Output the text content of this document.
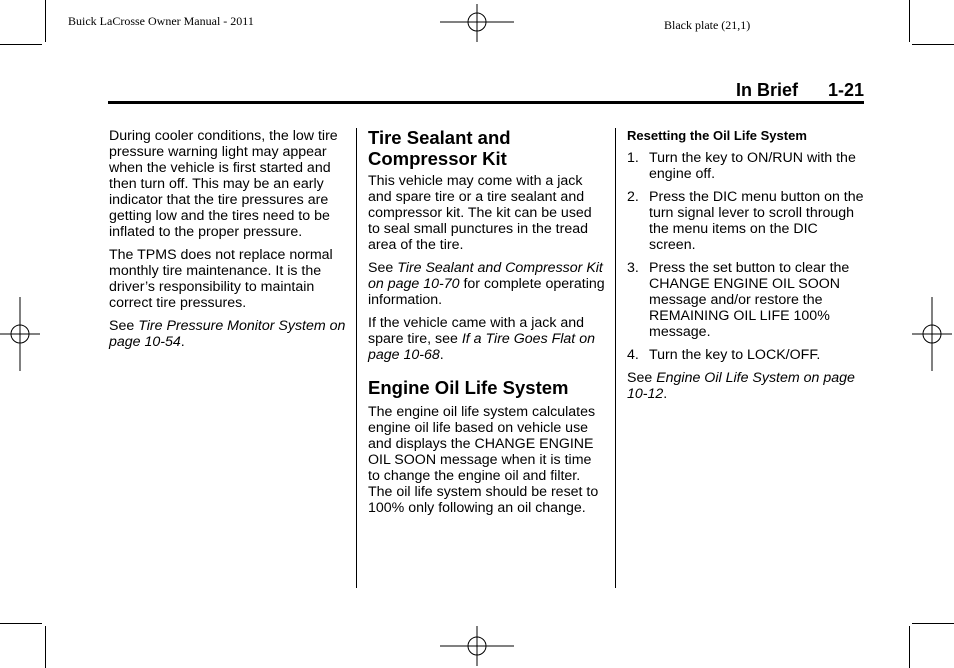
Buick LaCrosse Owner Manual - 2011	Black plate (21,1)
In Brief 1-21

During cooler conditions, the low tire pressure warning light may appear when the vehicle is first started and then turn off. This may be an early indicator that the tire pressures are getting low and the tires need to be inflated to the proper pressure.

The TPMS does not replace normal monthly tire maintenance. It is the driver’s responsibility to maintain correct tire pressures.

See Tire Pressure Monitor System on page 10-54.

Tire Sealant and Compressor Kit

This vehicle may come with a jack and spare tire or a tire sealant and compressor kit. The kit can be used to seal small punctures in the tread area of the tire.

See Tire Sealant and Compressor Kit on page 10-70 for complete operating information.

If the vehicle came with a jack and spare tire, see If a Tire Goes Flat on page 10-68.

Engine Oil Life System

The engine oil life system calculates engine oil life based on vehicle use and displays the CHANGE ENGINE OIL SOON message when it is time to change the engine oil and filter. The oil life system should be reset to 100% only following an oil change.

Resetting the Oil Life System
1. Turn the key to ON/RUN with the engine off.
2. Press the DIC menu button on the turn signal lever to scroll through the menu items on the DIC screen.
3. Press the set button to clear the CHANGE ENGINE OIL SOON message and/or restore the REMAINING OIL LIFE 100% message.
4. Turn the key to LOCK/OFF.

See Engine Oil Life System on page 10-12.
